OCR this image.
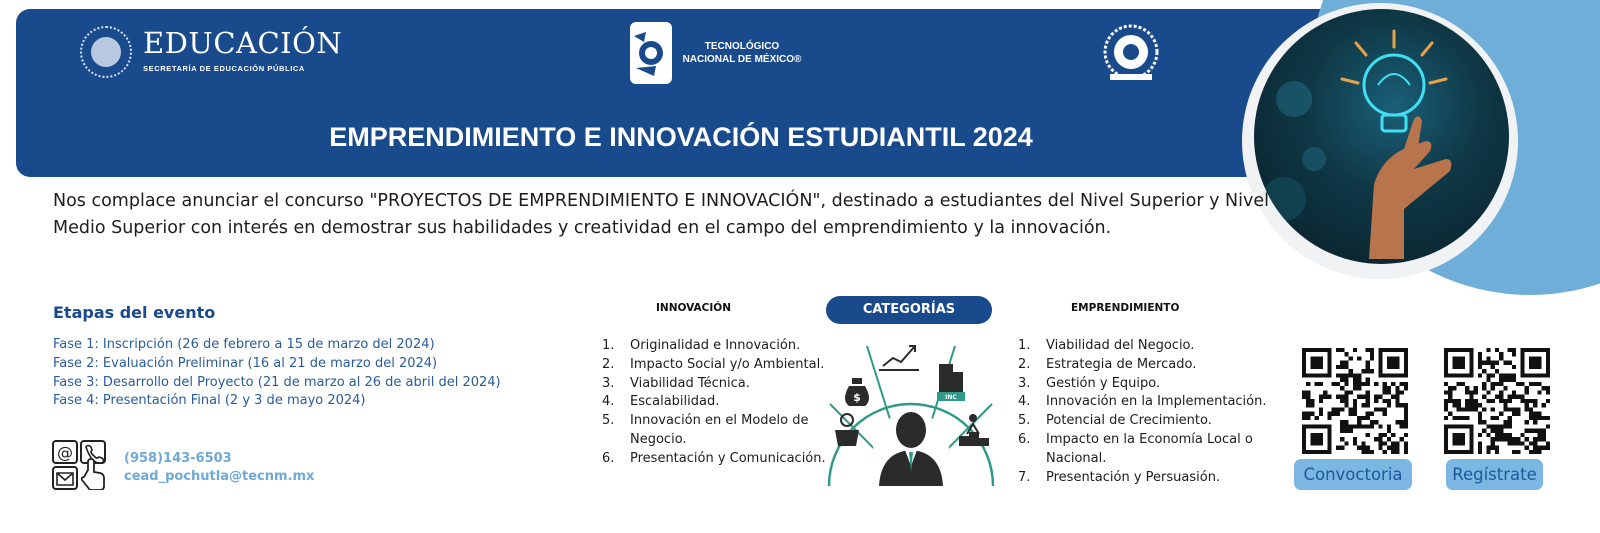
EDUCACIÓN
SECRETARÍA DE EDUCACIÓN PÚBLICA
TECNOLÓGICO
NACIONAL DE MÉXICO®
EMPRENDIMIENTO E INNOVACIÓN ESTUDIANTIL 2024
Nos complace anunciar el concurso "PROYECTOS DE EMPRENDIMIENTO E INNOVACIÓN", destinado a estudiantes del Nivel Superior y Nivel Medio Superior con interés en demostrar sus habilidades y creatividad en el campo del emprendimiento y la innovación.
Etapas del evento
Fase 1: Inscripción (26 de febrero a 15 de marzo del 2024)
Fase 2: Evaluación Preliminar (16 al 21 de marzo del 2024)
Fase 3: Desarrollo del Proyecto (21 de marzo al 26 de abril del 2024)
Fase 4: Presentación Final (2 y 3 de mayo 2024)
@	(958)143-6503
cead_pochutla@tecnm.mx
INNOVACIÓN	CATEGORÍAS	EMPRENDIMIENTO
1. Originalidad e Innovación.
2. Impacto Social y/o Ambiental.
3. Viabilidad Técnica.
4. Escalabilidad.
5. Innovación en el Modelo de Negocio.
6. Presentación y Comunicación.
1. Viabilidad del Negocio.
2. Estrategia de Mercado.
3. Gestión y Equipo.
4. Innovación en la Implementación.
5. Potencial de Crecimiento.
6. Impacto en la Economía Local o Nacional.
7. Presentación y Persuasión.
$	INC
Convoctoria	Regístrate
